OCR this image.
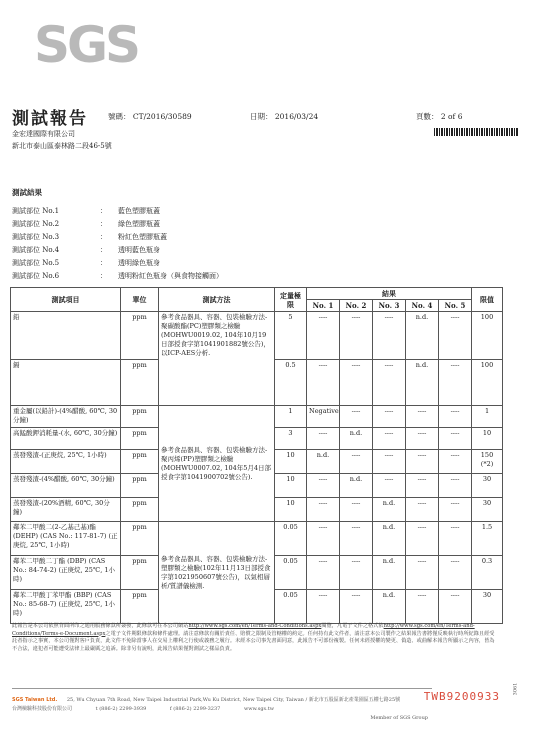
SGS
測試報告	號碼： CT/2016/30589	日期： 2016/03/24	頁數： 2 of 6
金宏達國際有限公司
新北市泰山區泰林路二段46-5號
測試結果
測試部位 No.1	：	藍色塑膠瓶蓋
測試部位 No.2	：	綠色塑膠瓶蓋
測試部位 No.3	：	粉紅色塑膠瓶蓋
測試部位 No.4	：	透明藍色瓶身
測試部位 No.5	：	透明綠色瓶身
測試部位 No.6	：	透明粉紅色瓶身（與食物接觸面）
測試項目	單位	測試方法	定量極限	結果					限值
				No. 1	No. 2	No. 3	No. 4	No. 5	
鉛	ppm	參考食品器具、容器、包裝檢驗方法-聚碳酸酯(PC)塑膠類之檢驗(MOHWU0019.02, 104年10月19日部授食字第1041901882號公告)，以ICP-AES分析.	5	----	----	----	n.d.	----	100
鎘	ppm		0.5	----	----	----	n.d.	----	100
重金屬(以鉛計)-(4%醋酸, 60℃, 30分鐘)	ppm	參考食品器具、容器、包裝檢驗方法-聚丙烯(PP)塑膠類之檢驗(MOHWU0007.02, 104年5月4日部授食字第1041900702號公告).	1	Negative	----	----	----	----	1
高錳酸鉀消耗量-(水, 60℃, 30分鐘)	ppm		3	----	n.d.	----	----	----	10
蒸發殘渣-(正庚烷, 25℃, 1小時)	ppm		10	n.d.	----	----	----	----	150 (*2)
蒸發殘渣-(4%醋酸, 60℃, 30分鐘)	ppm		10	----	n.d.	----	----	----	30
蒸發殘渣-(20%酒精, 60℃, 30分鐘)	ppm		10	----	----	n.d.	----	----	30
鄰苯二甲酸二(2-乙基己基)酯 (DEHP) (CAS No.: 117-81-7) (正庚烷, 25℃, 1小時)	ppm	參考食品器具、容器、包裝檢驗方法-塑膠類之檢驗(102年11月13日部授食字第1021950607號公告)，以氣相層析/質譜儀檢測.	0.05	----	----	n.d.	----	----	1.5
鄰苯二甲酸二丁酯 (DBP) (CAS No.: 84-74-2) (正庚烷, 25℃, 1小時)	ppm		0.05	----	----	n.d.	----	----	0.3
鄰苯二甲酸丁苯甲酯 (BBP) (CAS No.: 85-68-7) (正庚烷, 25℃, 1小時)	ppm		0.05	----	----	n.d.	----	----	30
此報告是本公司依照背面所印之通用服務條款所簽發，此條款可在本公司網站http://www.sgs.com/en/Terms-and-Conditions.aspx閱覽，凡電子文件之格式依http://www.sgs.com/en/Terms-and-Conditions/Terms-e-Document.aspx之電子文件期限條款和條件處理。請注意條款有關於責任、賠償之限制及管轄權的約定。任何持有此文件者，請注意本公司製作之結果報告書將僅反映執行時所紀錄且經受託者指示之事實，本公司僅對客戶負責，此文件不免除當事人在交易上權利之行使或義務之履行。未經本公司事先書面同意，此報告不可部份複製。任何未經授權的變更、偽造、或曲解本報告所顯示之內容，皆為不合法，違犯者可能遭受法律上最嚴厲之追訴。除非另有說明，此報告結果僅對測試之樣品負責。
SGS Taiwan Ltd. 25, Wu Chyuan 7th Road, New Taipei Industrial Park,Wu Ku District, New Taipei City, Taiwan / 新北市五股區新北產業園區五權七路25號
台灣檢驗科技股份有限公司	t (886-2) 2299-3939	f (886-2) 2299-3237	www.sgs.tw
TWB9200933
3061
Member of SGS Group
